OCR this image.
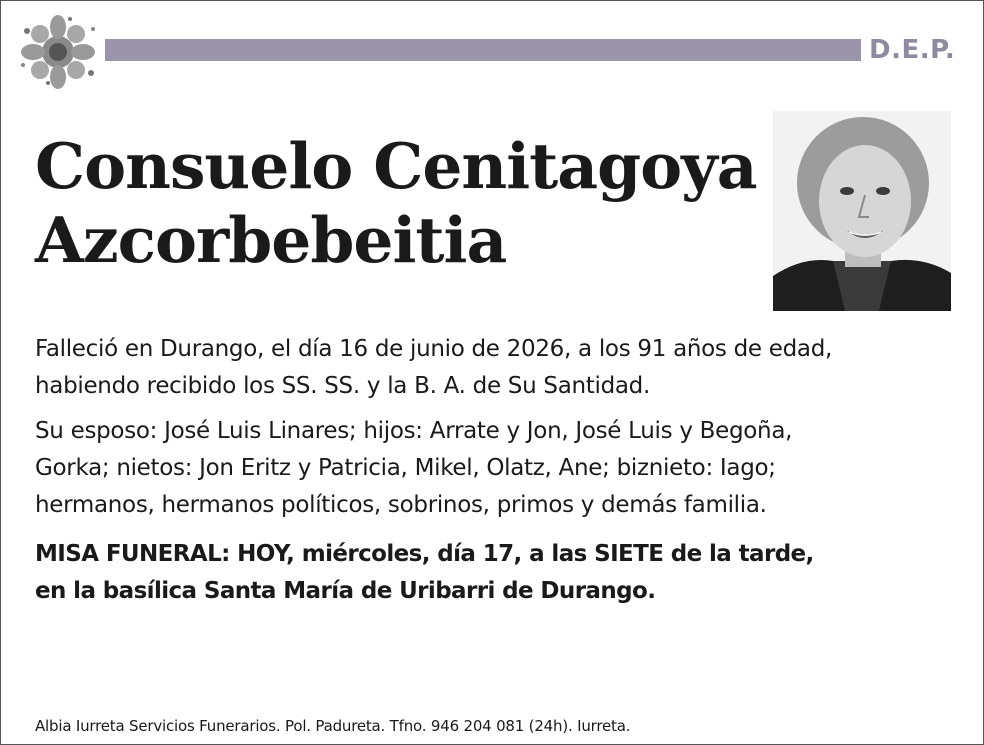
D.E.P.
Consuelo Cenitagoya
Azcorbebeitia
Falleció en Durango, el día 16 de junio de 2026, a los 91 años de edad,
habiendo recibido los SS. SS. y la B. A. de Su Santidad.
Su esposo: José Luis Linares; hijos: Arrate y Jon, José Luis y Begoña,
Gorka; nietos: Jon Eritz y Patricia, Mikel, Olatz, Ane; biznieto: Iago;
hermanos, hermanos políticos, sobrinos, primos y demás familia.
MISA FUNERAL: HOY, miércoles, día 17, a las SIETE de la tarde,
en la basílica Santa María de Uribarri de Durango.
Albia Iurreta Servicios Funerarios. Pol. Padureta. Tfno. 946 204 081 (24h). Iurreta.
